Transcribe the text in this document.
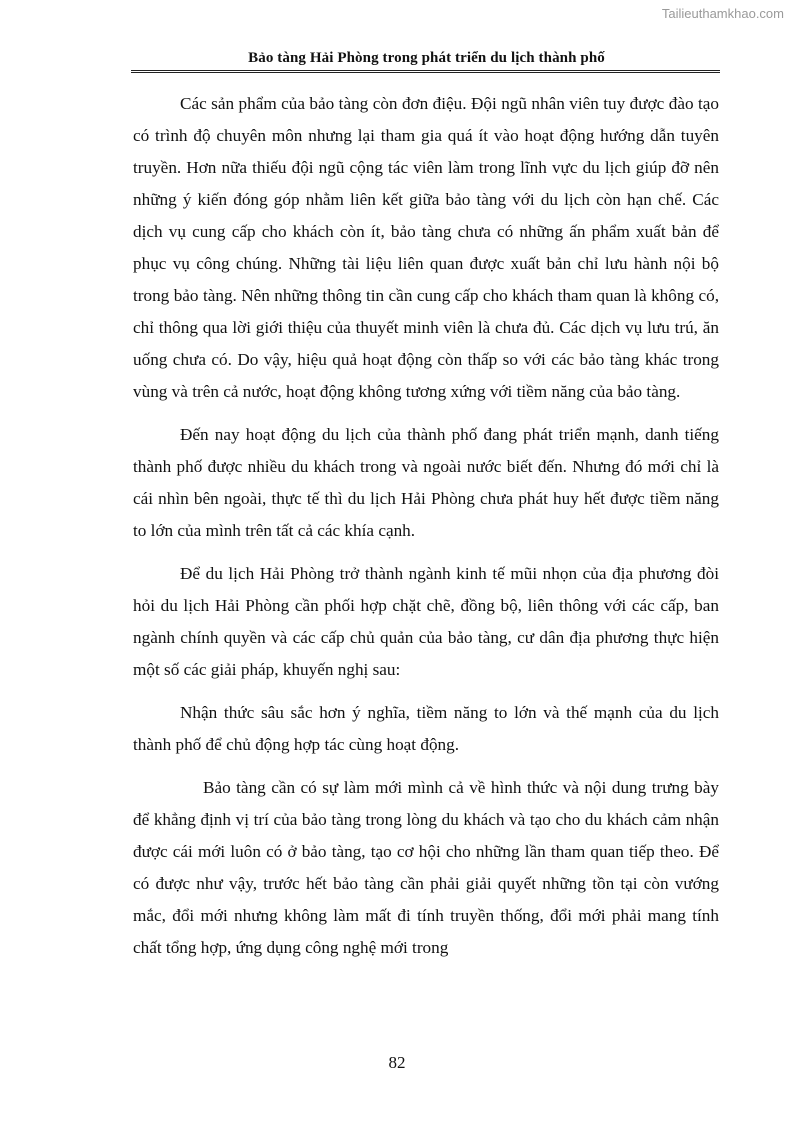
Tailieuthamkhao.com
Bảo tàng Hải Phòng trong phát triển du lịch thành phố

Các sản phẩm của bảo tàng còn đơn điệu. Đội ngũ nhân viên tuy được đào tạo có trình độ chuyên môn nhưng lại tham gia quá ít vào hoạt động hướng dẫn tuyên truyền. Hơn nữa thiếu đội ngũ cộng tác viên làm trong lĩnh vực du lịch giúp đỡ nên những ý kiến đóng góp nhằm liên kết giữa bảo tàng với du lịch còn hạn chế. Các dịch vụ cung cấp cho khách còn ít, bảo tàng chưa có những ấn phẩm xuất bản để phục vụ công chúng. Những tài liệu liên quan được xuất bản chỉ lưu hành nội bộ trong bảo tàng. Nên những thông tin cần cung cấp cho khách tham quan là không có, chỉ thông qua lời giới thiệu của thuyết minh viên là chưa đủ. Các dịch vụ lưu trú, ăn uống chưa có. Do vậy, hiệu quả hoạt động còn thấp so với các bảo tàng khác trong vùng và trên cả nước, hoạt động không tương xứng với tiềm năng của bảo tàng.

Đến nay hoạt động du lịch của thành phố đang phát triển mạnh, danh tiếng thành phố được nhiều du khách trong và ngoài nước biết đến. Nhưng đó mới chỉ là cái nhìn bên ngoài, thực tế thì du lịch Hải Phòng chưa phát huy hết được tiềm năng to lớn của mình trên tất cả các khía cạnh.

Để du lịch Hải Phòng trở thành ngành kinh tế mũi nhọn của địa phương đòi hỏi du lịch Hải Phòng cần phối hợp chặt chẽ, đồng bộ, liên thông với các cấp, ban ngành chính quyền và các cấp chủ quản của bảo tàng, cư dân địa phương thực hiện một số các giải pháp, khuyến nghị sau:

Nhận thức sâu sắc hơn ý nghĩa, tiềm năng to lớn và thế mạnh của du lịch thành phố để chủ động hợp tác cùng hoạt động.

Bảo tàng cần có sự làm mới mình cả về hình thức và nội dung trưng bày để khẳng định vị trí của bảo tàng trong lòng du khách và tạo cho du khách cảm nhận được cái mới luôn có ở bảo tàng, tạo cơ hội cho những lần tham quan tiếp theo. Để có được như vậy, trước hết bảo tàng cần phải giải quyết những tồn tại còn vướng mắc, đổi mới nhưng không làm mất đi tính truyền thống, đổi mới phải mang tính chất tổng hợp, ứng dụng công nghệ mới trong

82
